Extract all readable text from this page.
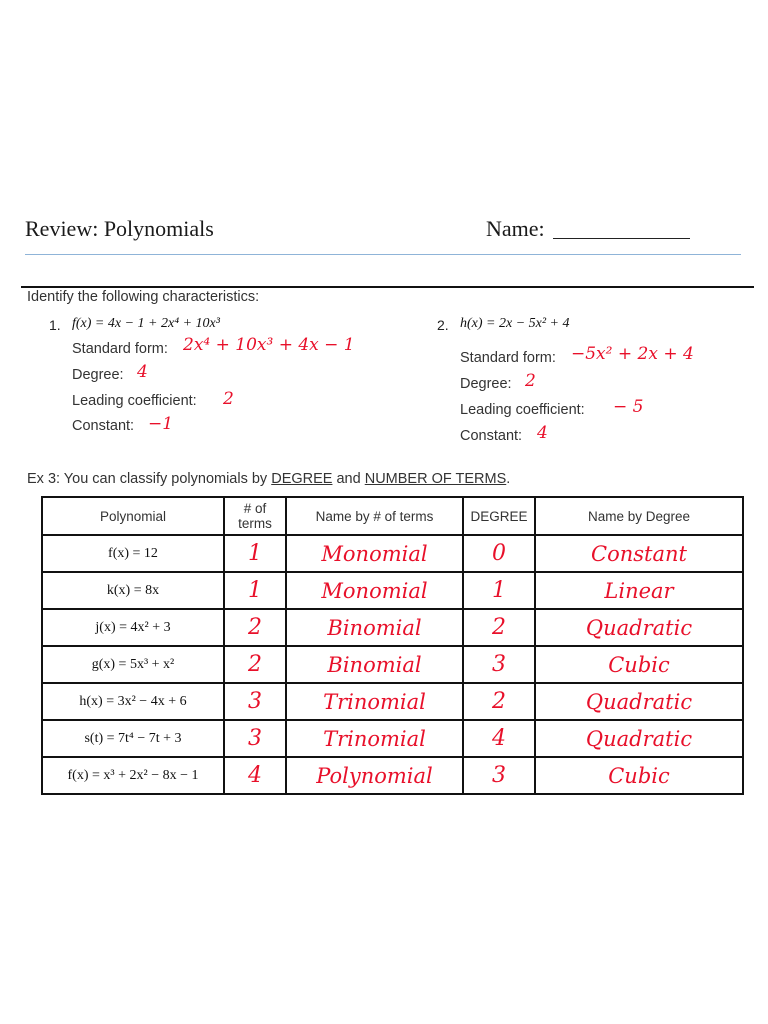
Review: Polynomials	Name:
Identify the following characteristics:
1. f(x) = 4x − 1 + 2x⁴ + 10x³
Standard form: 2x⁴ + 10x³ + 4x − 1
Degree: 4
Leading coefficient: 2
Constant: −1
2. h(x) = 2x − 5x² + 4
Standard form: −5x² + 2x + 4
Degree: 2
Leading coefficient: − 5
Constant: 4
Ex 3: You can classify polynomials by DEGREE and NUMBER OF TERMS.
Polynomial	# of terms	Name by # of terms	DEGREE	Name by Degree
f(x) = 12	1	Monomial	0	Constant
k(x) = 8x	1	Monomial	1	Linear
j(x) = 4x² + 3	2	Binomial	2	Quadratic
g(x) = 5x³ + x²	2	Binomial	3	Cubic
h(x) = 3x² − 4x + 6	3	Trinomial	2	Quadratic
s(t) = 7t⁴ − 7t + 3	3	Trinomial	4	Quadratic
f(x) = x³ + 2x² − 8x − 1	4	Polynomial	3	Cubic
